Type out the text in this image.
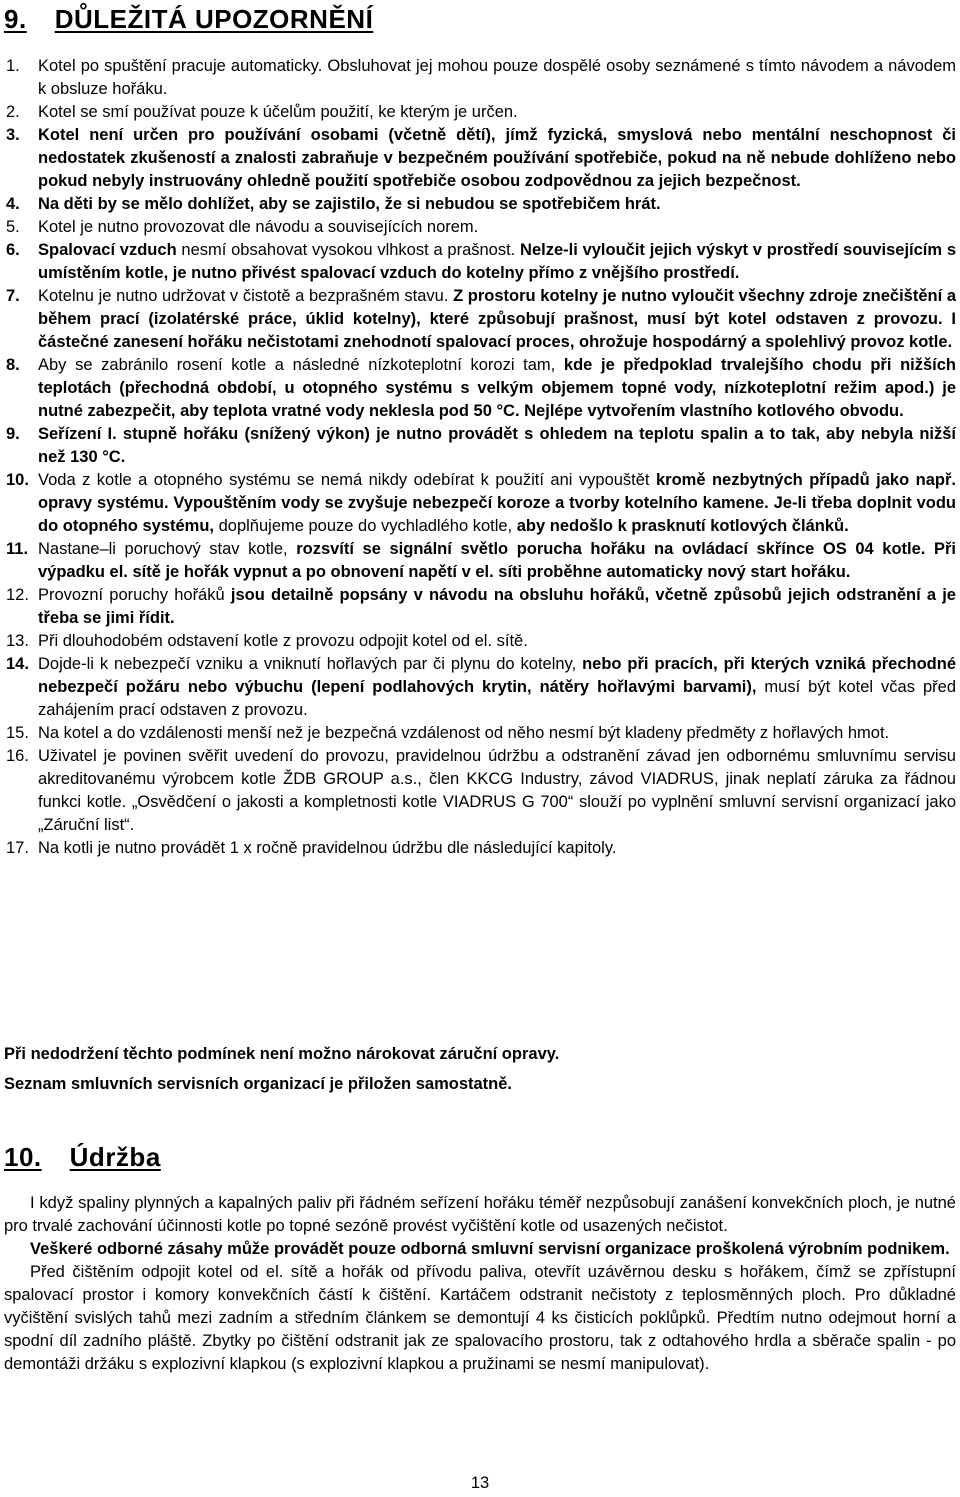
9. DŮLEŽITÁ UPOZORNĚNÍ
1.	Kotel po spuštění pracuje automaticky. Obsluhovat jej mohou pouze dospělé osoby seznámené s tímto návodem a návodem k obsluze hořáku.
2.	Kotel se smí používat pouze k účelům použití, ke kterým je určen.
3.	Kotel není určen pro používání osobami (včetně dětí), jímž fyzická, smyslová nebo mentální neschopnost či nedostatek zkušeností a znalosti zabraňuje v bezpečném používání spotřebiče, pokud na ně nebude dohlíženo nebo pokud nebyly instruovány ohledně použití spotřebiče osobou zodpovědnou za jejich bezpečnost.
4.	Na děti by se mělo dohlížet, aby se zajistilo, že si nebudou se spotřebičem hrát.
5.	Kotel je nutno provozovat dle návodu a souvisejících norem.
6.	Spalovací vzduch nesmí obsahovat vysokou vlhkost a prašnost. Nelze-li vyloučit jejich výskyt v prostředí souvisejícím s umístěním kotle, je nutno přivést spalovací vzduch do kotelny přímo z vnějšího prostředí.
7.	Kotelnu je nutno udržovat v čistotě a bezprašném stavu. Z prostoru kotelny je nutno vyloučit všechny zdroje znečištění a během prací (izolatérské práce, úklid kotelny), které způsobují prašnost, musí být kotel odstaven z provozu. I částečné zanesení hořáku nečistotami znehodnotí spalovací proces, ohrožuje hospodárný a spolehlivý provoz kotle.
8.	Aby se zabránilo rosení kotle a následné nízkoteplotní korozi tam, kde je předpoklad trvalejšího chodu při nižších teplotách (přechodná období, u otopného systému s velkým objemem topné vody, nízkoteplotní režim apod.) je nutné zabezpečit, aby teplota vratné vody neklesla pod 50 °C. Nejlépe vytvořením vlastního kotlového obvodu.
9.	Seřízení I. stupně hořáku (snížený výkon) je nutno provádět s ohledem na teplotu spalin a to tak, aby nebyla nižší než 130 °C.
10. Voda z kotle a otopného systému se nemá nikdy odebírat k použití ani vypouštět kromě nezbytných případů jako např. opravy systému. Vypouštěním vody se zvyšuje nebezpečí koroze a tvorby kotelního kamene. Je-li třeba doplnit vodu do otopného systému, doplňujeme pouze do vychladlého kotle, aby nedošlo k prasknutí kotlových článků.
11. Nastane–li poruchový stav kotle, rozsvítí se signální světlo porucha hořáku na ovládací skřínce OS 04 kotle. Při výpadku el. sítě je hořák vypnut a po obnovení napětí v el. síti proběhne automaticky nový start hořáku.
12. Provozní poruchy hořáků jsou detailně popsány v návodu na obsluhu hořáků, včetně způsobů jejich odstranění a je třeba se jimi řídit.
13. Při dlouhodobém odstavení kotle z provozu odpojit kotel od el. sítě.
14. Dojde-li k nebezpečí vzniku a vniknutí hořlavých par či plynu do kotelny, nebo při pracích, při kterých vzniká přechodné nebezpečí požáru nebo výbuchu (lepení podlahových krytin, nátěry hořlavými barvami), musí být kotel včas před zahájením prací odstaven z provozu.
15. Na kotel a do vzdálenosti menší než je bezpečná vzdálenost od něho nesmí být kladeny předměty z hořlavých hmot.
16. Uživatel je povinen svěřit uvedení do provozu, pravidelnou údržbu a odstranění závad jen odbornému smluvnímu servisu akreditovanému výrobcem kotle ŽDB GROUP a.s., člen KKCG Industry, závod VIADRUS, jinak neplatí záruka za řádnou funkci kotle. „Osvědčení o jakosti a kompletnosti kotle VIADRUS G 700“ slouží po vyplnění smluvní servisní organizací jako „Záruční list“.
17. Na kotli je nutno provádět 1 x ročně pravidelnou údržbu dle následující kapitoly.

Při nedodržení těchto podmínek není možno nárokovat záruční opravy.

Seznam smluvních servisních organizací je přiložen samostatně.

10. Údržba

I když spaliny plynných a kapalných paliv při řádném seřízení hořáku téměř nezpůsobují zanášení konvekčních ploch, je nutné pro trvalé zachování účinnosti kotle po topné sezóně provést vyčištění kotle od usazených nečistot.

Veškeré odborné zásahy může provádět pouze odborná smluvní servisní organizace proškolená výrobním podnikem.

Před čištěním odpojit kotel od el. sítě a hořák od přívodu paliva, otevřít uzávěrnou desku s hořákem, čímž se zpřístupní spalovací prostor i komory konvekčních částí k čištění. Kartáčem odstranit nečistoty z teplosměnných ploch. Pro důkladné vyčištění svislých tahů mezi zadním a středním článkem se demontují 4 ks čisticích poklůpků. Předtím nutno odejmout horní a spodní díl zadního pláště. Zbytky po čištění odstranit jak ze spalovacího prostoru, tak z odtahového hrdla a sběrače spalin - po demontáži držáku s explozivní klapkou (s explozivní klapkou a pružinami se nesmí manipulovat).

13
